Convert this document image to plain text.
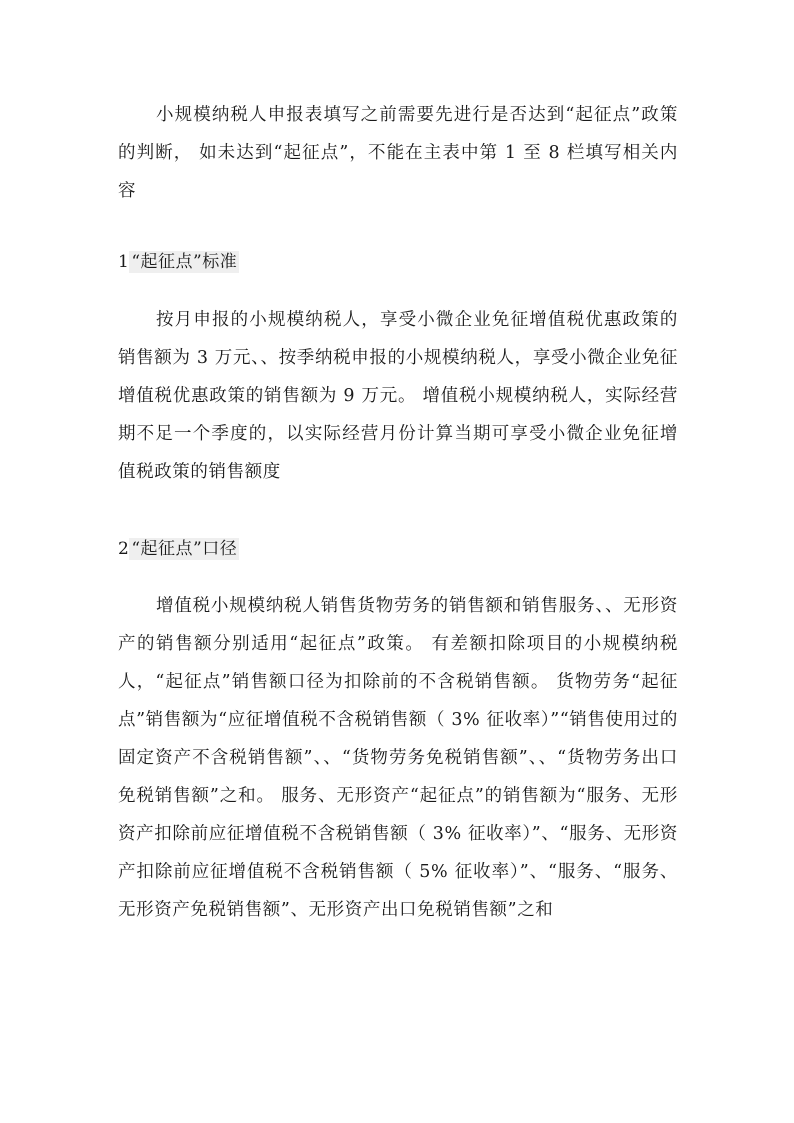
小规模纳税人申报表填写之前需要先进行是否达到“起征点”政策的判断， 如未达到“起征点”，不能在主表中第 1 至 8 栏填写相关内容

1 “起征点”标准

按月申报的小规模纳税人，享受小微企业免征增值税优惠政策的销售额为 3 万元、、按季纳税申报的小规模纳税人，享受小微企业免征增值税优惠政策的销售额为 9 万元。 增值税小规模纳税人，实际经营期不足一个季度的，以实际经营月份计算当期可享受小微企业免征增值税政策的销售额度

2 “起征点”口径

增值税小规模纳税人销售货物劳务的销售额和销售服务、、无形资产的销售额分别适用“起征点”政策。 有差额扣除项目的小规模纳税人，“起征点”销售额口径为扣除前的不含税销售额。 货物劳务“起征点”销售额为“应征增值税不含税销售额（ 3% 征收率）”“销售使用过的固定资产不含税销售额”、、“货物劳务免税销售额”、、“货物劳务出口免税销售额”之和。 服务、无形资产“起征点”的销售额为“服务、无形资产扣除前应征增值税不含税销售额（ 3% 征收率）”、“服务、无形资产扣除前应征增值税不含税销售额（ 5% 征收率）”、“服务、“服务、无形资产免税销售额”、无形资产出口免税销售额”之和
